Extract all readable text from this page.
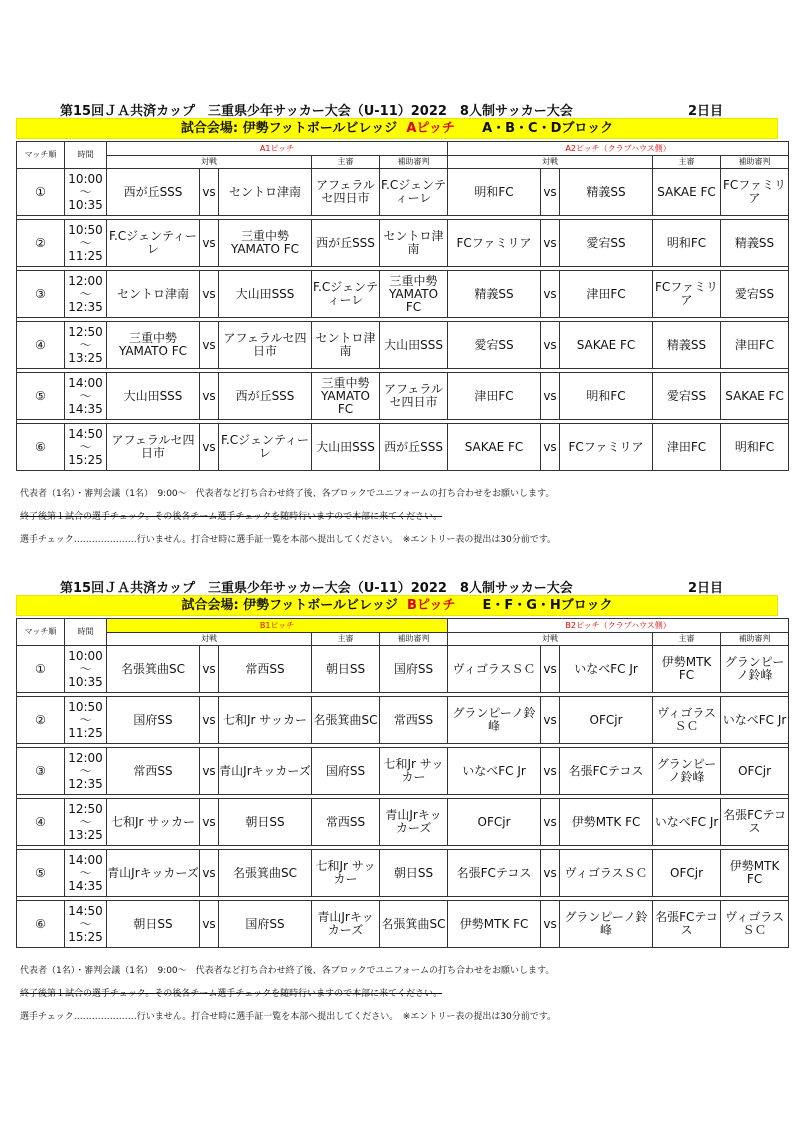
第15回ＪＡ共済カップ　三重県少年サッカー大会（U-11）2022　8人制サッカー大会	2日目
試合会場: 伊勢フットボールビレッジ Aピッチ A・B・C・Dブロック
マッチ順	時間	A1ピッチ					A2ピッチ（クラブハウス側）				
		対戦			主審	補助審判	対戦			主審	補助審判
①	10:00
〜
10:35	西が丘SSS	vs	セントロ津南	アフェラルセ四日市	F.Cジェンティーレ	明和FC	vs	精義SS	SAKAE FC	FCファミリア

②	10:50
〜
11:25	F.Cジェンティーレ	vs	三重中勢YAMATO FC	西が丘SSS	セントロ津南	FCファミリア	vs	愛宕SS	明和FC	精義SS

③	12:00
〜
12:35	セントロ津南	vs	大山田SSS	F.Cジェンティーレ	三重中勢YAMATO FC	精義SS	vs	津田FC	FCファミリア	愛宕SS

④	12:50
〜
13:25	三重中勢YAMATO FC	vs	アフェラルセ四日市	セントロ津南	大山田SSS	愛宕SS	vs	SAKAE FC	精義SS	津田FC

⑤	14:00
〜
14:35	大山田SSS	vs	西が丘SSS	三重中勢YAMATO FC	アフェラルセ四日市	津田FC	vs	明和FC	愛宕SS	SAKAE FC

⑥	14:50
〜
15:25	アフェラルセ四日市	vs	F.Cジェンティーレ	大山田SSS	西が丘SSS	SAKAE FC	vs	FCファミリア	津田FC	明和FC
代表者（1名）・審判会議（1名）　9:00〜　代表者など打ち合わせ終了後、各ブロックでユニフォームの打ち合わせをお願いします。
終了後第１試合の選手チェック。その後各チーム選手チェックを随時行いますので本部に来てください。
選手チェック…………………行いません。打合せ時に選手証一覧を本部へ提出してください。　※エントリー表の提出は30分前です。
第15回ＪＡ共済カップ　三重県少年サッカー大会（U-11）2022　8人制サッカー大会	2日目
試合会場: 伊勢フットボールビレッジ Bピッチ E・F・G・Hブロック
マッチ順	時間	B1ピッチ					B2ピッチ（クラブハウス側）				
		対戦			主審	補助審判	対戦			主審	補助審判
①	10:00
〜
10:35	名張箕曲SC	vs	常西SS	朝日SS	国府SS	ヴィゴラスＳＣ	vs	いなべFC Jr	伊勢MTK FC	グランピーノ鈴峰

②	10:50
〜
11:25	国府SS	vs	七和Jr サッカー	名張箕曲SC	常西SS	グランピーノ鈴峰	vs	OFCjr	ヴィゴラスＳＣ	いなべFC Jr

③	12:00
〜
12:35	常西SS	vs	青山Jrキッカーズ	国府SS	七和Jr サッカー	いなべFC Jr	vs	名張FCテコス	グランピーノ鈴峰	OFCjr

④	12:50
〜
13:25	七和Jr サッカー	vs	朝日SS	常西SS	青山Jrキッカーズ	OFCjr	vs	伊勢MTK FC	いなべFC Jr	名張FCテコス

⑤	14:00
〜
14:35	青山Jrキッカーズ	vs	名張箕曲SC	七和Jr サッカー	朝日SS	名張FCテコス	vs	ヴィゴラスＳＣ	OFCjr	伊勢MTK FC

⑥	14:50
〜
15:25	朝日SS	vs	国府SS	青山Jrキッカーズ	名張箕曲SC	伊勢MTK FC	vs	グランピーノ鈴峰	名張FCテコス	ヴィゴラスＳＣ
代表者（1名）・審判会議（1名）　9:00〜　代表者など打ち合わせ終了後、各ブロックでユニフォームの打ち合わせをお願いします。
終了後第１試合の選手チェック。その後各チーム選手チェックを随時行いますので本部に来てください。
選手チェック…………………行いません。打合せ時に選手証一覧を本部へ提出してください。　※エントリー表の提出は30分前です。
